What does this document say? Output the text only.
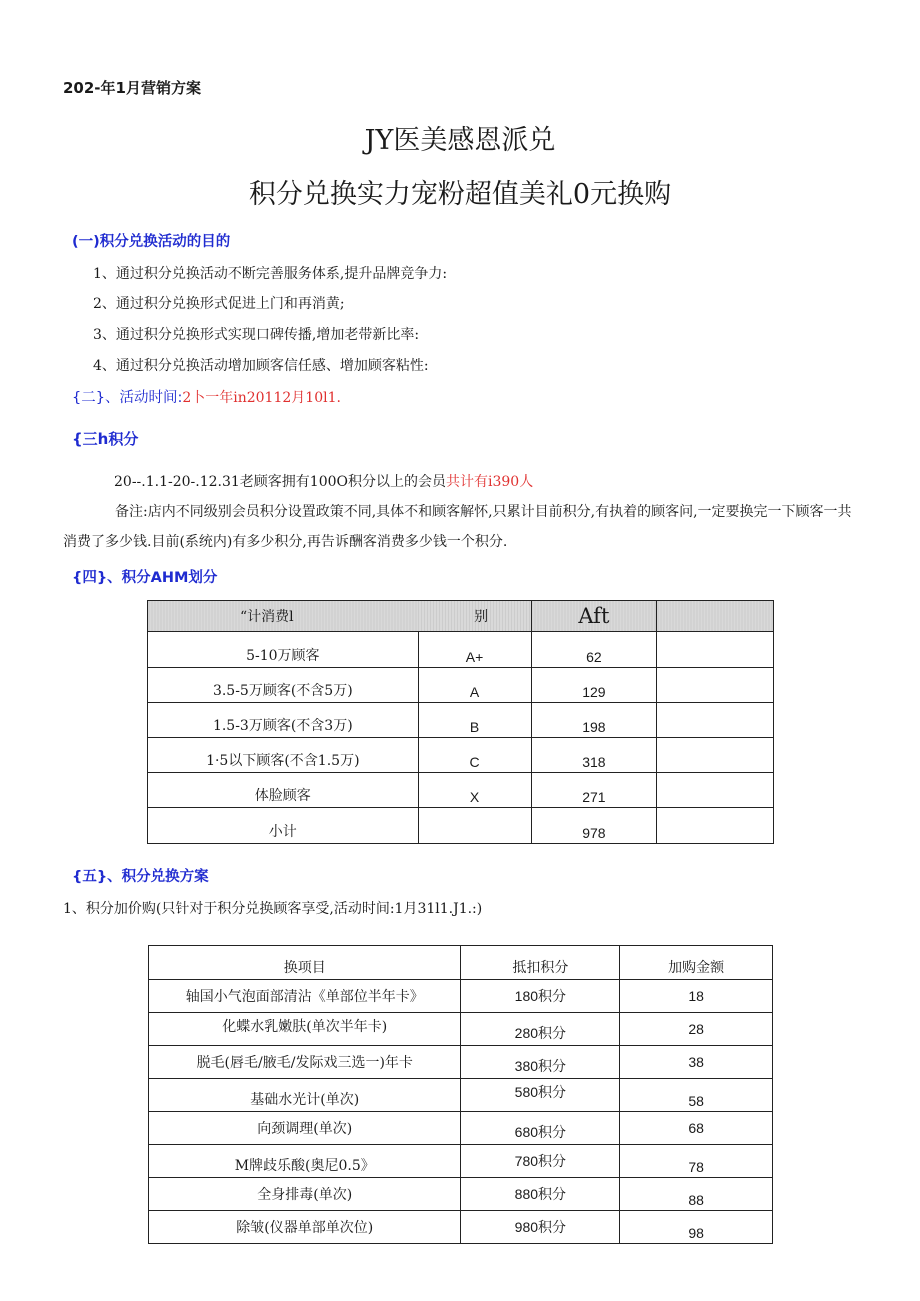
202-年1月营销方案
JY医美感恩派兑
积分兑换实力宠粉超值美礼0元换购
(一)积分兑换活动的目的
1、通过积分兑换活动不断完善服务体系,提升品牌竞争力:
2、通过积分兑换形式促进上门和再消黄;
3、通过积分兑换形式实现口碑传播,增加老带新比率:
4、通过积分兑换活动增加顾客信任感、增加顾客粘性:
{二}、活动时间:2卜一年in20112月10l1.
{三h积分
20--.1.1-20-.12.31老顾客拥有100O积分以上的会员共计有i390人
备注:店内不同级别会员积分设置政策不同,具体不和顾客解怀,只累计目前积分,有执着的顾客问,一定要换完一下顾客一共消费了多少钱.目前(系统内)有多少积分,再告诉酬客消费多少钱一个积分.
{四}、积分AHM划分
“计消费l	别	Aft	
5-10万顾客	A+	62	
3.5-5万顾客(不含5万)	A	129	
1.5-3万顾客(不含3万)	B	198	
1·5以下顾客(不含1.5万)	C	318	
体脸顾客	X	271	
小计		978	
{五}、积分兑换方案
1、积分加价购(只针对于积分兑换顾客享受,活动时间:1月31l1.J1.:)
换项目	抵扣积分	加购金额
轴国小气泡面部清沾《单部位半年卡》	180积分	18
化蝶水乳嫩肤(单次半年卡)	280积分	28
脱毛(唇毛/腋毛/发际戏三选一)年卡	380积分	38
基础水光计(单次)	580积分	58
向颈调理(单次)	680积分	68
M牌歧乐酸(奥尼0.5》	780积分	78
全身排毒(单次)	880积分	88
除皱(仪器单部单次位)	980积分	98
